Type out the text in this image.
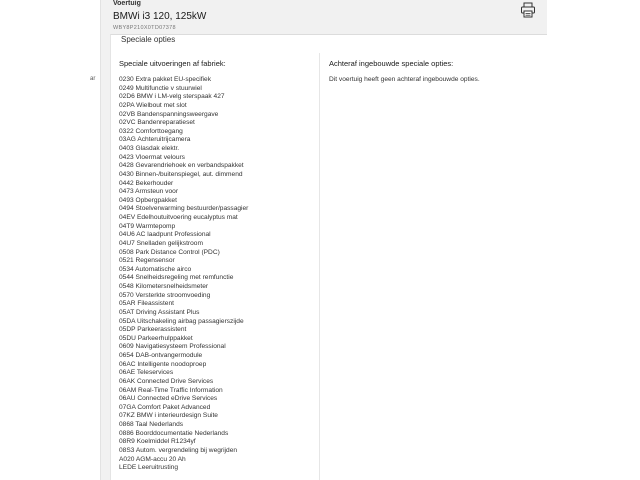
ar
Voertuig
BMWi i3 120, 125kW
WBY8P210X0TD07378
Speciale opties
Speciale uitvoeringen af fabriek:
0230 Extra pakket EU-specifiek
0249 Multifunctie v stuurwiel
02D6 BMW i LM-velg sterspaak 427
02PA Wielbout met slot
02VB Bandenspanningsweergave
02VC Bandenreparatieset
0322 Comforttoegang
03AG Achteruitrijcamera
0403 Glasdak elektr.
0423 Vloermat velours
0428 Gevarendriehoek en verbandspakket
0430 Binnen-/buitenspiegel, aut. dimmend
0442 Bekerhouder
0473 Armsteun voor
0493 Opbergpakket
0494 Stoelverwarming bestuurder/passagier
04EV Edelhoutuitvoering eucalyptus mat
04T9 Warmtepomp
04U6 AC laadpunt Professional
04U7 Snelladen gelijkstroom
0508 Park Distance Control (PDC)
0521 Regensensor
0534 Automatische airco
0544 Snelheidsregeling met remfunctie
0548 Kilometersnelheidsmeter
0570 Versterkte stroomvoeding
05AR Fileassistent
05AT Driving Assistant Plus
05DA Uitschakeling airbag passagierszijde
05DP Parkeerassistent
05DU Parkeerhulppakket
0609 Navigatiesysteem Professional
0654 DAB-ontvangermodule
06AC Intelligente noodoproep
06AE Teleservices
06AK Connected Drive Services
06AM Real-Time Traffic Information
06AU Connected eDrive Services
07GA Comfort Paket Advanced
07KZ BMW i interieurdesign Suite
0868 Taal Nederlands
0886 Boorddocumentatie Nederlands
08R9 Koelmiddel R1234yf
08S3 Autom. vergrendeling bij wegrijden
A020 AGM-accu 20 Ah
LEDE Leeruitrusting
Achteraf ingebouwde speciale opties:
Dit voertuig heeft geen achteraf ingebouwde opties.
